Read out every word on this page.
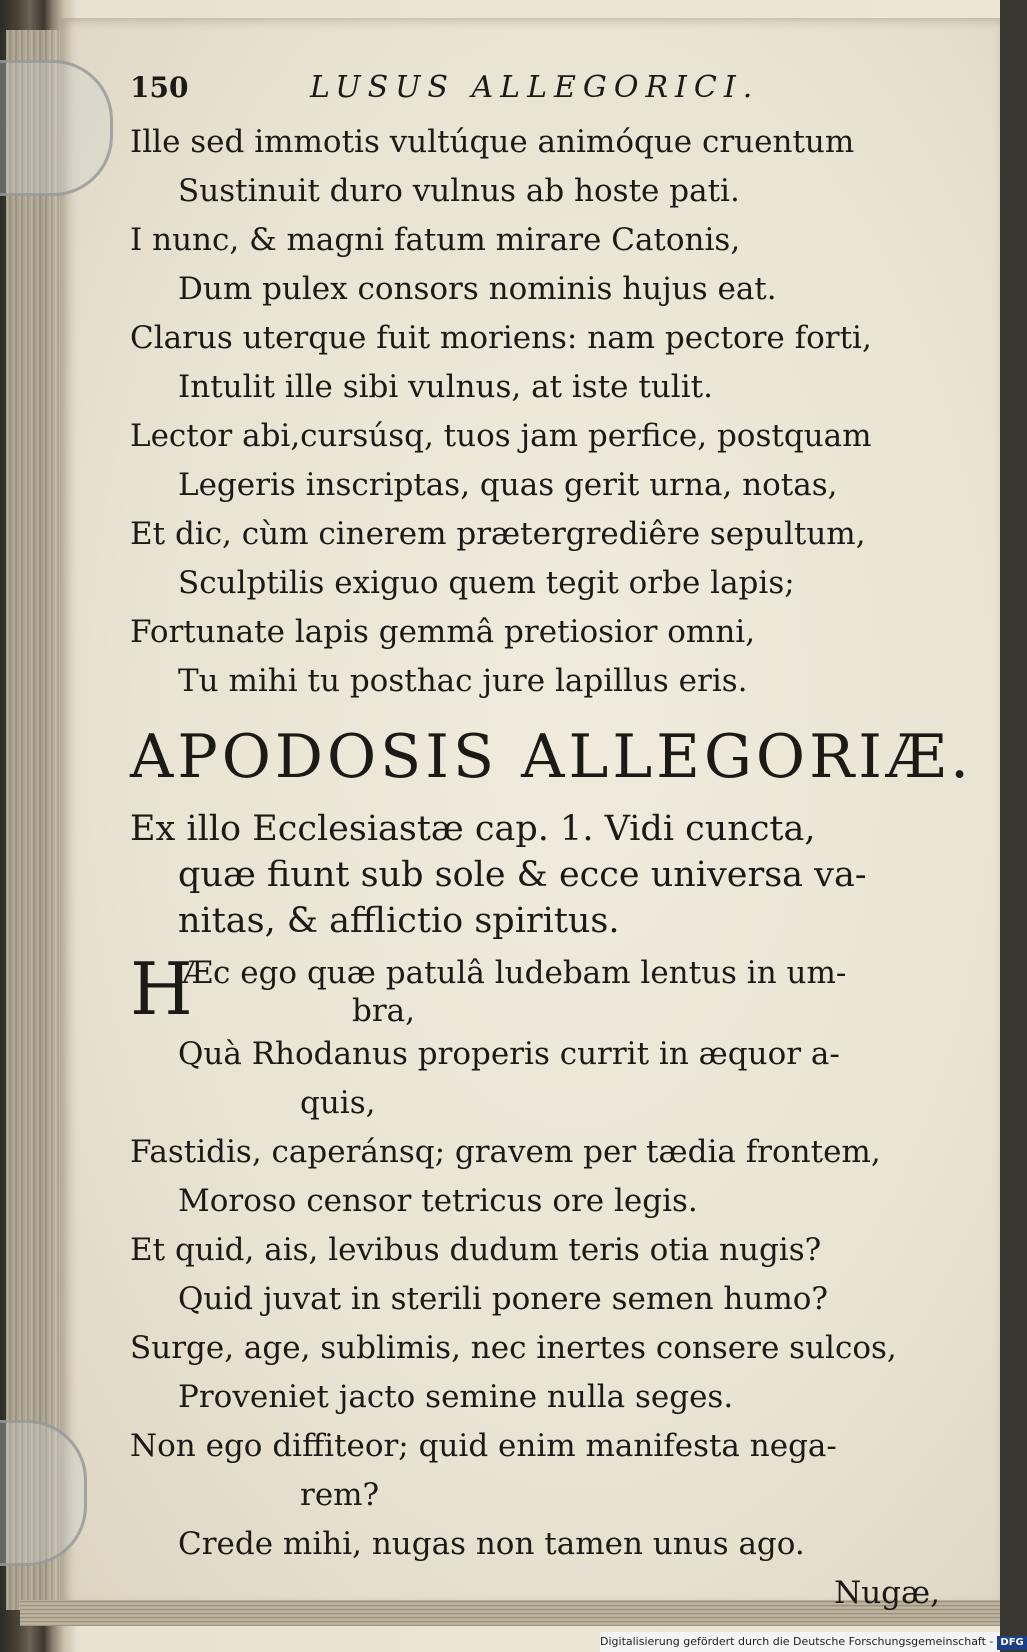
150	LUSUS ALLEGORICI.
Ille sed immotis vultúque animóque cruentum
Sustinuit duro vulnus ab hoste pati.
I nunc, & magni fatum mirare Catonis,
Dum pulex consors nominis hujus eat.
Clarus uterque fuit moriens: nam pectore forti,
Intulit ille sibi vulnus, at iste tulit.
Lector abi,cursúsq, tuos jam perfice, postquam
Legeris inscriptas, quas gerit urna, notas,
Et dic, cùm cinerem prætergrediêre sepultum,
Sculptilis exiguo quem tegit orbe lapis;
Fortunate lapis gemmâ pretiosior omni,
Tu mihi tu posthac jure lapillus eris.
APODOSIS ALLEGORIÆ.
Ex illo Ecclesiastæ cap. 1. Vidi cuncta,
quæ fiunt sub sole & ecce universa va-
nitas, & afflictio spiritus.
H
Æc ego quæ patulâ ludebam lentus in um-
bra,
Quà Rhodanus properis currit in æquor a-
quis,
Fastidis, caperánsq; gravem per tædia frontem,
Moroso censor tetricus ore legis.
Et quid, ais, levibus dudum teris otia nugis?
Quid juvat in sterili ponere semen humo?
Surge, age, sublimis, nec inertes consere sulcos,
Proveniet jacto semine nulla seges.
Non ego diffiteor; quid enim manifesta nega-
rem?
Crede mihi, nugas non tamen unus ago.
Nugæ,
Digitalisierung gefördert durch die Deutsche Forschungsgemeinschaft - DFG
